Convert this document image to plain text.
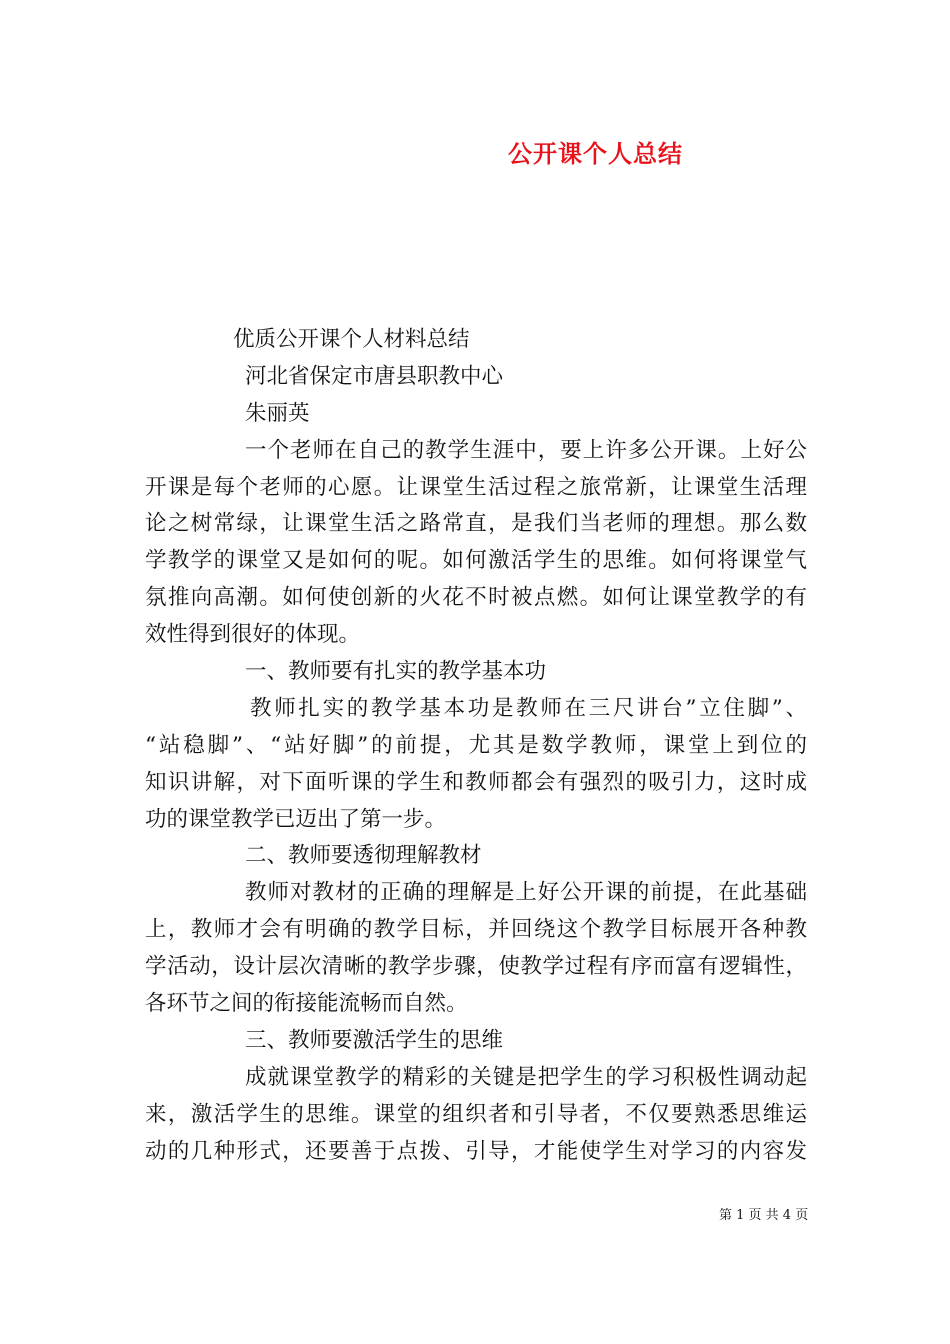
公开课个人总结
优质公开课个人材料总结
河北省保定市唐县职教中心
朱丽英
一个老师在自己的教学生涯中，要上许多公开课。上好公
开课是每个老师的心愿。让课堂生活过程之旅常新，让课堂生活理
论之树常绿，让课堂生活之路常直，是我们当老师的理想。那么数
学教学的课堂又是如何的呢。如何激活学生的思维。如何将课堂气
氛推向高潮。如何使创新的火花不时被点燃。如何让课堂教学的有
效性得到很好的体现。
一、教师要有扎实的教学基本功
教师扎实的教学基本功是教师在三尺讲台”立住脚”、
“站稳脚”、“站好脚”的前提，尤其是数学教师，课堂上到位的
知识讲解，对下面听课的学生和教师都会有强烈的吸引力，这时成
功的课堂教学已迈出了第一步。
二、教师要透彻理解教材
教师对教材的正确的理解是上好公开课的前提，在此基础
上，教师才会有明确的教学目标，并回绕这个教学目标展开各种教
学活动，设计层次清晰的教学步骤，使教学过程有序而富有逻辑性，
各环节之间的衔接能流畅而自然。
三、教师要激活学生的思维
成就课堂教学的精彩的关键是把学生的学习积极性调动起
来，激活学生的思维。课堂的组织者和引导者，不仅要熟悉思维运
动的几种形式，还要善于点拨、引导，才能使学生对学习的内容发
第 1 页 共 4 页
